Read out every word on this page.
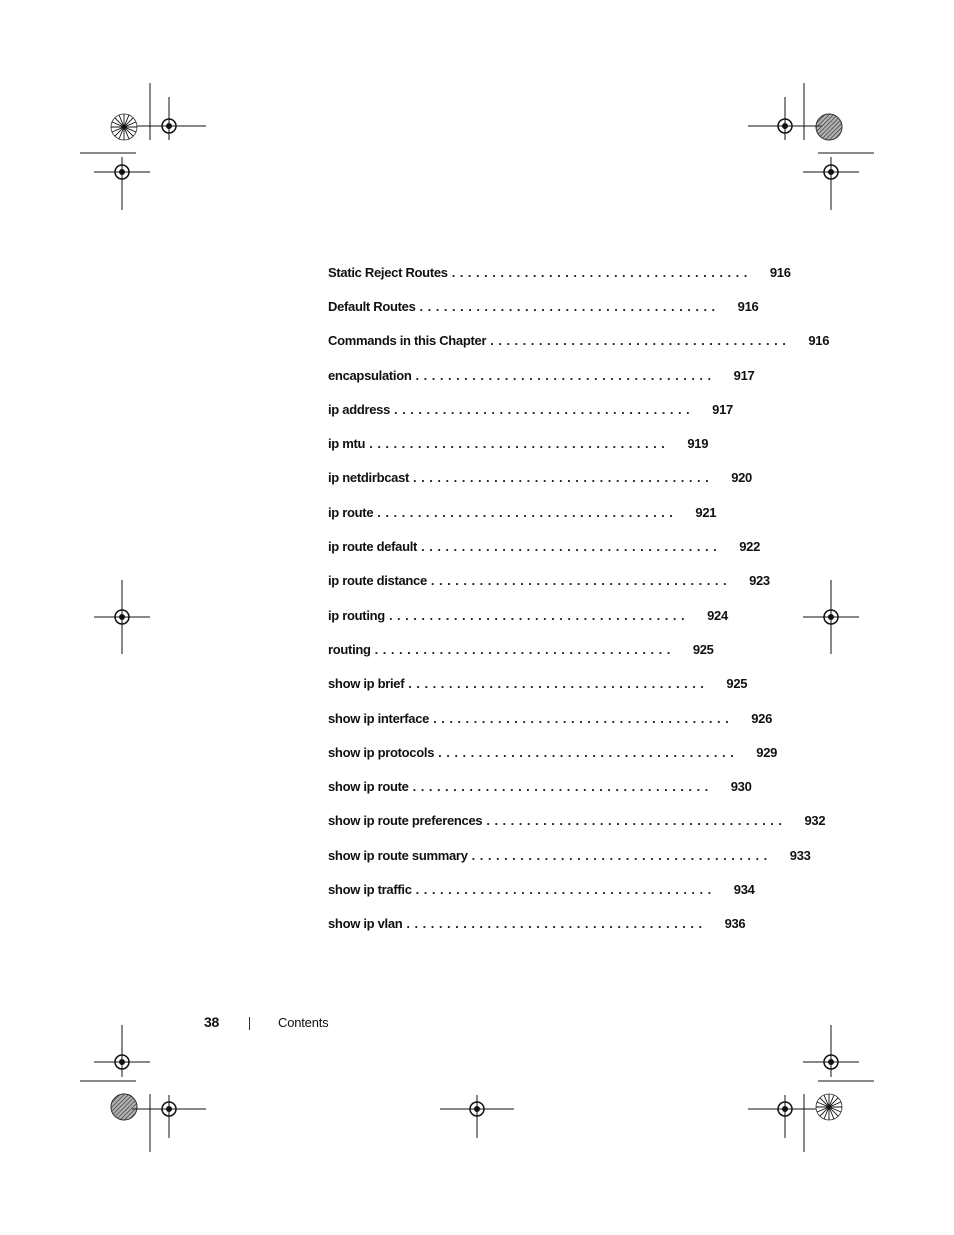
Static Reject Routes ..................................... 916
Default Routes ..................................... 916
Commands in this Chapter ..................................... 916
encapsulation ..................................... 917
ip address ..................................... 917
ip mtu ..................................... 919
ip netdirbcast ..................................... 920
ip route ..................................... 921
ip route default ..................................... 922
ip route distance ..................................... 923
ip routing ..................................... 924
routing ..................................... 925
show ip brief ..................................... 925
show ip interface ..................................... 926
show ip protocols ..................................... 929
show ip route ..................................... 930
show ip route preferences ..................................... 932
show ip route summary ..................................... 933
show ip traffic ..................................... 934
show ip vlan ..................................... 936
38	Contents
